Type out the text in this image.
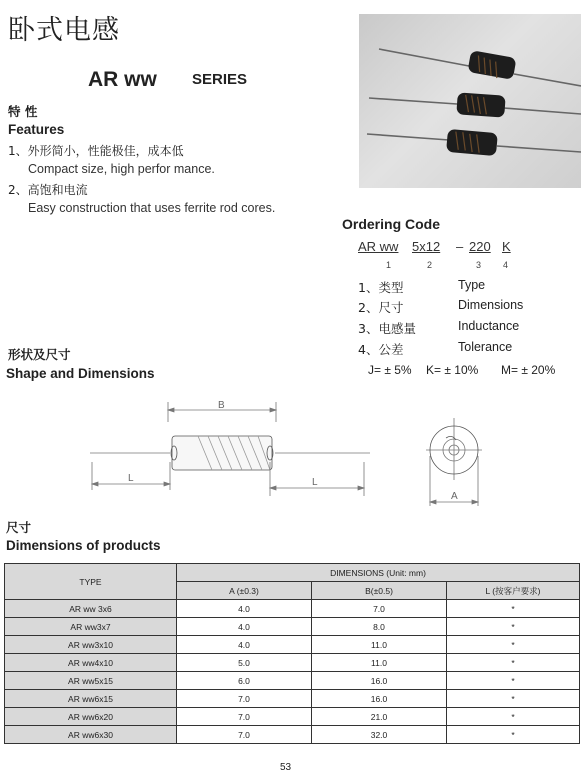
卧式电感
AR ww SERIES
特 性
Features
1、外形简小，性能极佳，成本低
Compact size, high perfor mance.
2、高饱和电流
Easy construction that uses ferrite rod cores.
Ordering Code
AR ww 5x12 – 220 K
1	2	3 4
1、类型	Type
2、尺寸	Dimensions
3、电感量	Inductance
4、公差	Tolerance
J= ± 5% K= ± 10% M= ± 20%
形状及尺寸
Shape and Dimensions
B
L	L
A
尺寸
Dimensions of products
TYPE	DIMENSIONS (Unit: mm)		
	A (±0.3)	B(±0.5)	L (按客户要求)
AR ww 3x6	4.0	7.0	*
AR ww3x7	4.0	8.0	*
AR ww3x10	4.0	11.0	*
AR ww4x10	5.0	11.0	*
AR ww5x15	6.0	16.0	*
AR ww6x15	7.0	16.0	*
AR ww6x20	7.0	21.0	*
AR ww6x30	7.0	32.0	*
53
